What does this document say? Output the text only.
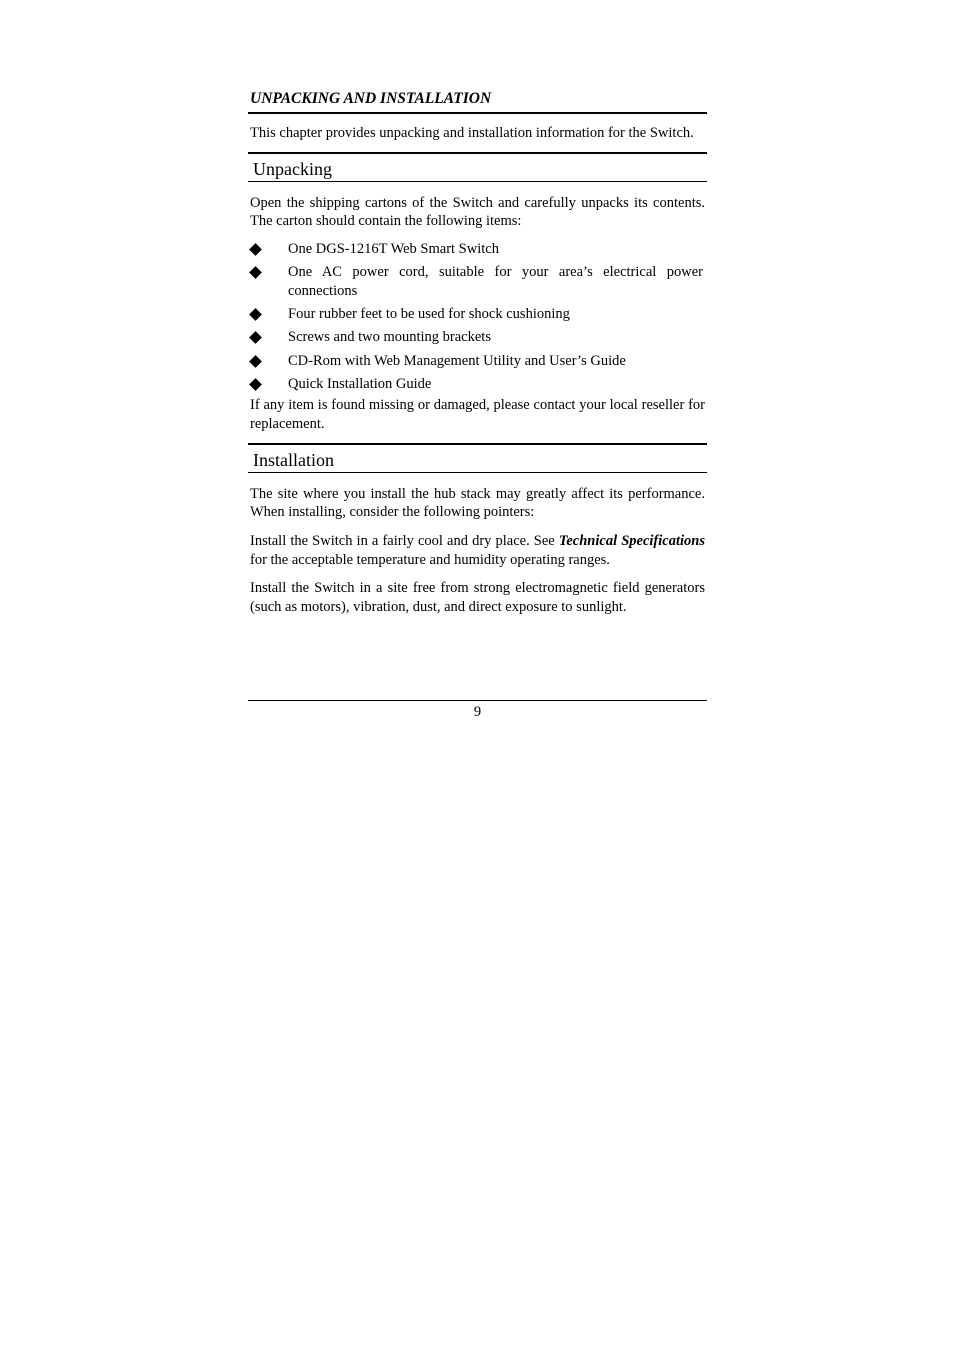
UNPACKING AND INSTALLATION

This chapter provides unpacking and installation information for the Switch.

Unpacking

Open the shipping cartons of the Switch and carefully unpacks its contents. The carton should contain the following items:

One DGS-1216T Web Smart Switch
One AC power cord, suitable for your area’s electrical power connections
Four rubber feet to be used for shock cushioning
Screws and two mounting brackets
CD-Rom with Web Management Utility and User’s Guide
Quick Installation Guide

If any item is found missing or damaged, please contact your local reseller for replacement.

Installation

The site where you install the hub stack may greatly affect its performance. When installing, consider the following pointers:

Install the Switch in a fairly cool and dry place. See Technical Specifications for the acceptable temperature and humidity operating ranges.

Install the Switch in a site free from strong electromagnetic field generators (such as motors), vibration, dust, and direct exposure to sunlight.

9
